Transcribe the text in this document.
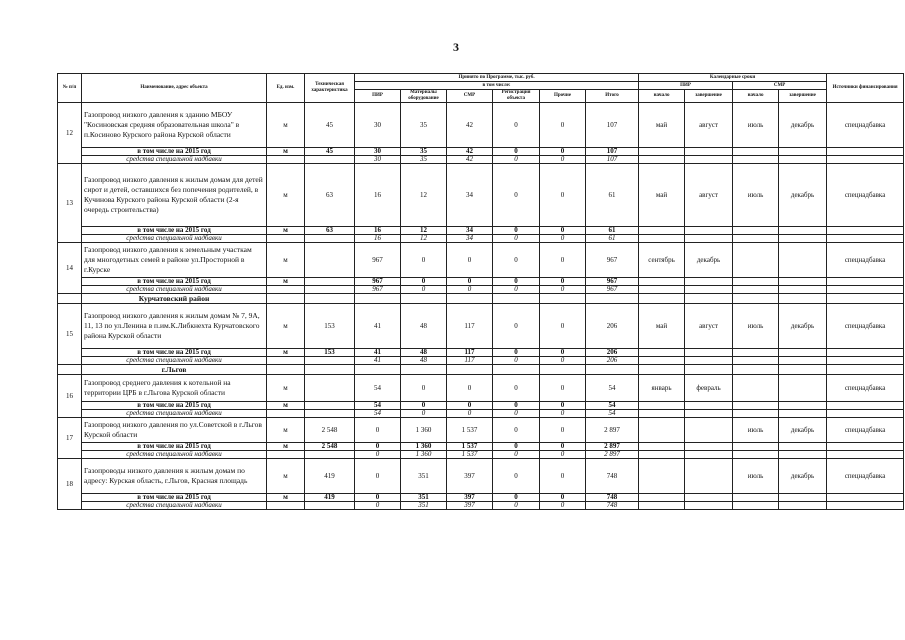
3
№ п/п	Наименование, адрес объекта	Ед. изм.	Техническая характеристика	Принято по Программе, тыс. руб.						Календарные сроки				Источники финансирования
				в том числе:						ПИР		СМР		
				ПИР	Материалы оборудование	СМР	Регистрация объекта	Прочие	Итого	начало	завершение	начало	завершение	
12	Газопровод низкого давления к зданию МБОУ "Косиновская средняя образовательная школа" в п.Косиново Курского района Курской области	м	45	30	35	42	0	0	107	май	август	июль	декабрь	спецнадбавка
	в том числе на 2015 год	м	45	30	35	42	0	0	107					
	средства специальной надбавки			30	35	42	0	0	107					
13	Газопровод низкого давления к жилым домам для детей сирот и детей, оставшихся без попечения родителей, в Кучинова Курского района Курской области (2-я очередь строительства)	м	63	16	12	34	0	0	61	май	август	июль	декабрь	спецнадбавка
	в том числе на 2015 год	м	63	16	12	34	0	0	61					
	средства специальной надбавки			16	12	34	0	0	61					
14	Газопровод низкого давления к земельным участкам для многодетных семей в районе ул.Просторной в г.Курске	м		967	0	0	0	0	967	сентябрь	декабрь			спецнадбавка
	в том числе на 2015 год	м		967	0	0	0	0	967					
	средства специальной надбавки			967	0	0	0	0	967					
	Курчатовский район													
15	Газопровод низкого давления к жилым домам № 7, 9А, 11, 13 по ул.Ленина в п.им.К.Либкнехта Курчатовского района Курской области	м	153	41	48	117	0	0	206	май	август	июль	декабрь	спецнадбавка
	в том числе на 2015 год	м	153	41	48	117	0	0	206					
	средства специальной надбавки			41	48	117	0	0	206					
	г.Льгов													
16	Газопровод среднего давления к котельной на территории ЦРБ в г.Льгова Курской области	м		54	0	0	0	0	54	январь	февраль			спецнадбавка
	в том числе на 2015 год	м		54	0	0	0	0	54					
	средства специальной надбавки			54	0	0	0	0	54					
17	Газопровод низкого давления по ул.Советской в г.Льгов Курской области	м	2 548	0	1 360	1 537	0	0	2 897			июль	декабрь	спецнадбавка
	в том числе на 2015 год	м	2 548	0	1 360	1 537	0	0	2 897					
	средства специальной надбавки			0	1 360	1 537	0	0	2 897					
18	Газопроводы низкого давления к жилым домам по адресу: Курская область, г.Льгов, Красная площадь	м	419	0	351	397	0	0	748			июль	декабрь	спецнадбавка
	в том числе на 2015 год	м	419	0	351	397	0	0	748					
	средства специальной надбавки			0	351	397	0	0	748					
